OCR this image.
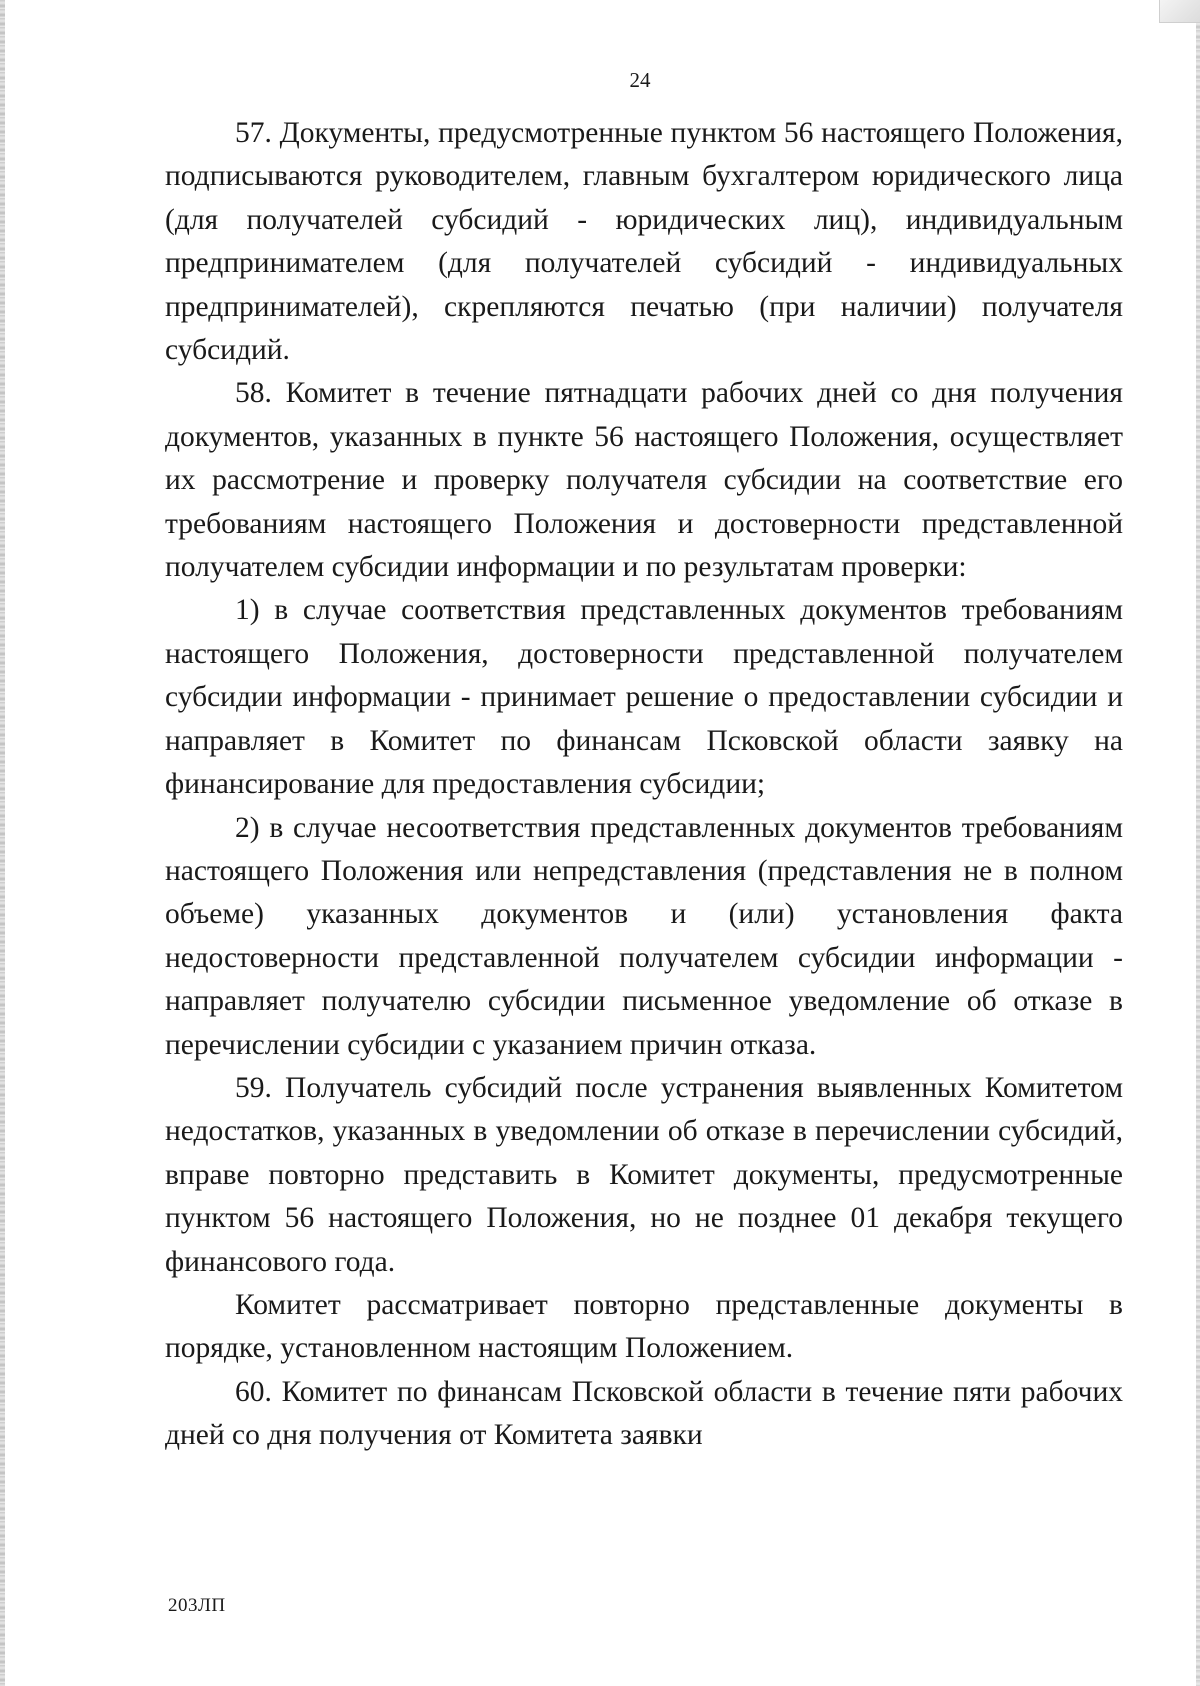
24

57. Документы, предусмотренные пунктом 56 настоящего Положения, подписываются руководителем, главным бухгалтером юридического лица (для получателей субсидий - юридических лиц), индивидуальным предпринимателем (для получателей субсидий - индивидуальных предпринимателей), скрепляются печатью (при наличии) получателя субсидий.

58. Комитет в течение пятнадцати рабочих дней со дня получения документов, указанных в пункте 56 настоящего Положения, осуществляет их рассмотрение и проверку получателя субсидии на соответствие его требованиям настоящего Положения и достоверности представленной получателем субсидии информации и по результатам проверки:

1) в случае соответствия представленных документов требованиям настоящего Положения, достоверности представленной получателем субсидии информации - принимает решение о предоставлении субсидии и направляет в Комитет по финансам Псковской области заявку на финансирование для предоставления субсидии;

2) в случае несоответствия представленных документов требованиям настоящего Положения или непредставления (представления не в полном объеме) указанных документов и (или) установления факта недостоверности представленной получателем субсидии информации - направляет получателю субсидии письменное уведомление об отказе в перечислении субсидии с указанием причин отказа.

59. Получатель субсидий после устранения выявленных Комитетом недостатков, указанных в уведомлении об отказе в перечислении субсидий, вправе повторно представить в Комитет документы, предусмотренные пунктом 56 настоящего Положения, но не позднее 01 декабря текущего финансового года.

Комитет рассматривает повторно представленные документы в порядке, установленном настоящим Положением.

60. Комитет по финансам Псковской области в течение пяти рабочих дней со дня получения от Комитета заявки

203ЛП
